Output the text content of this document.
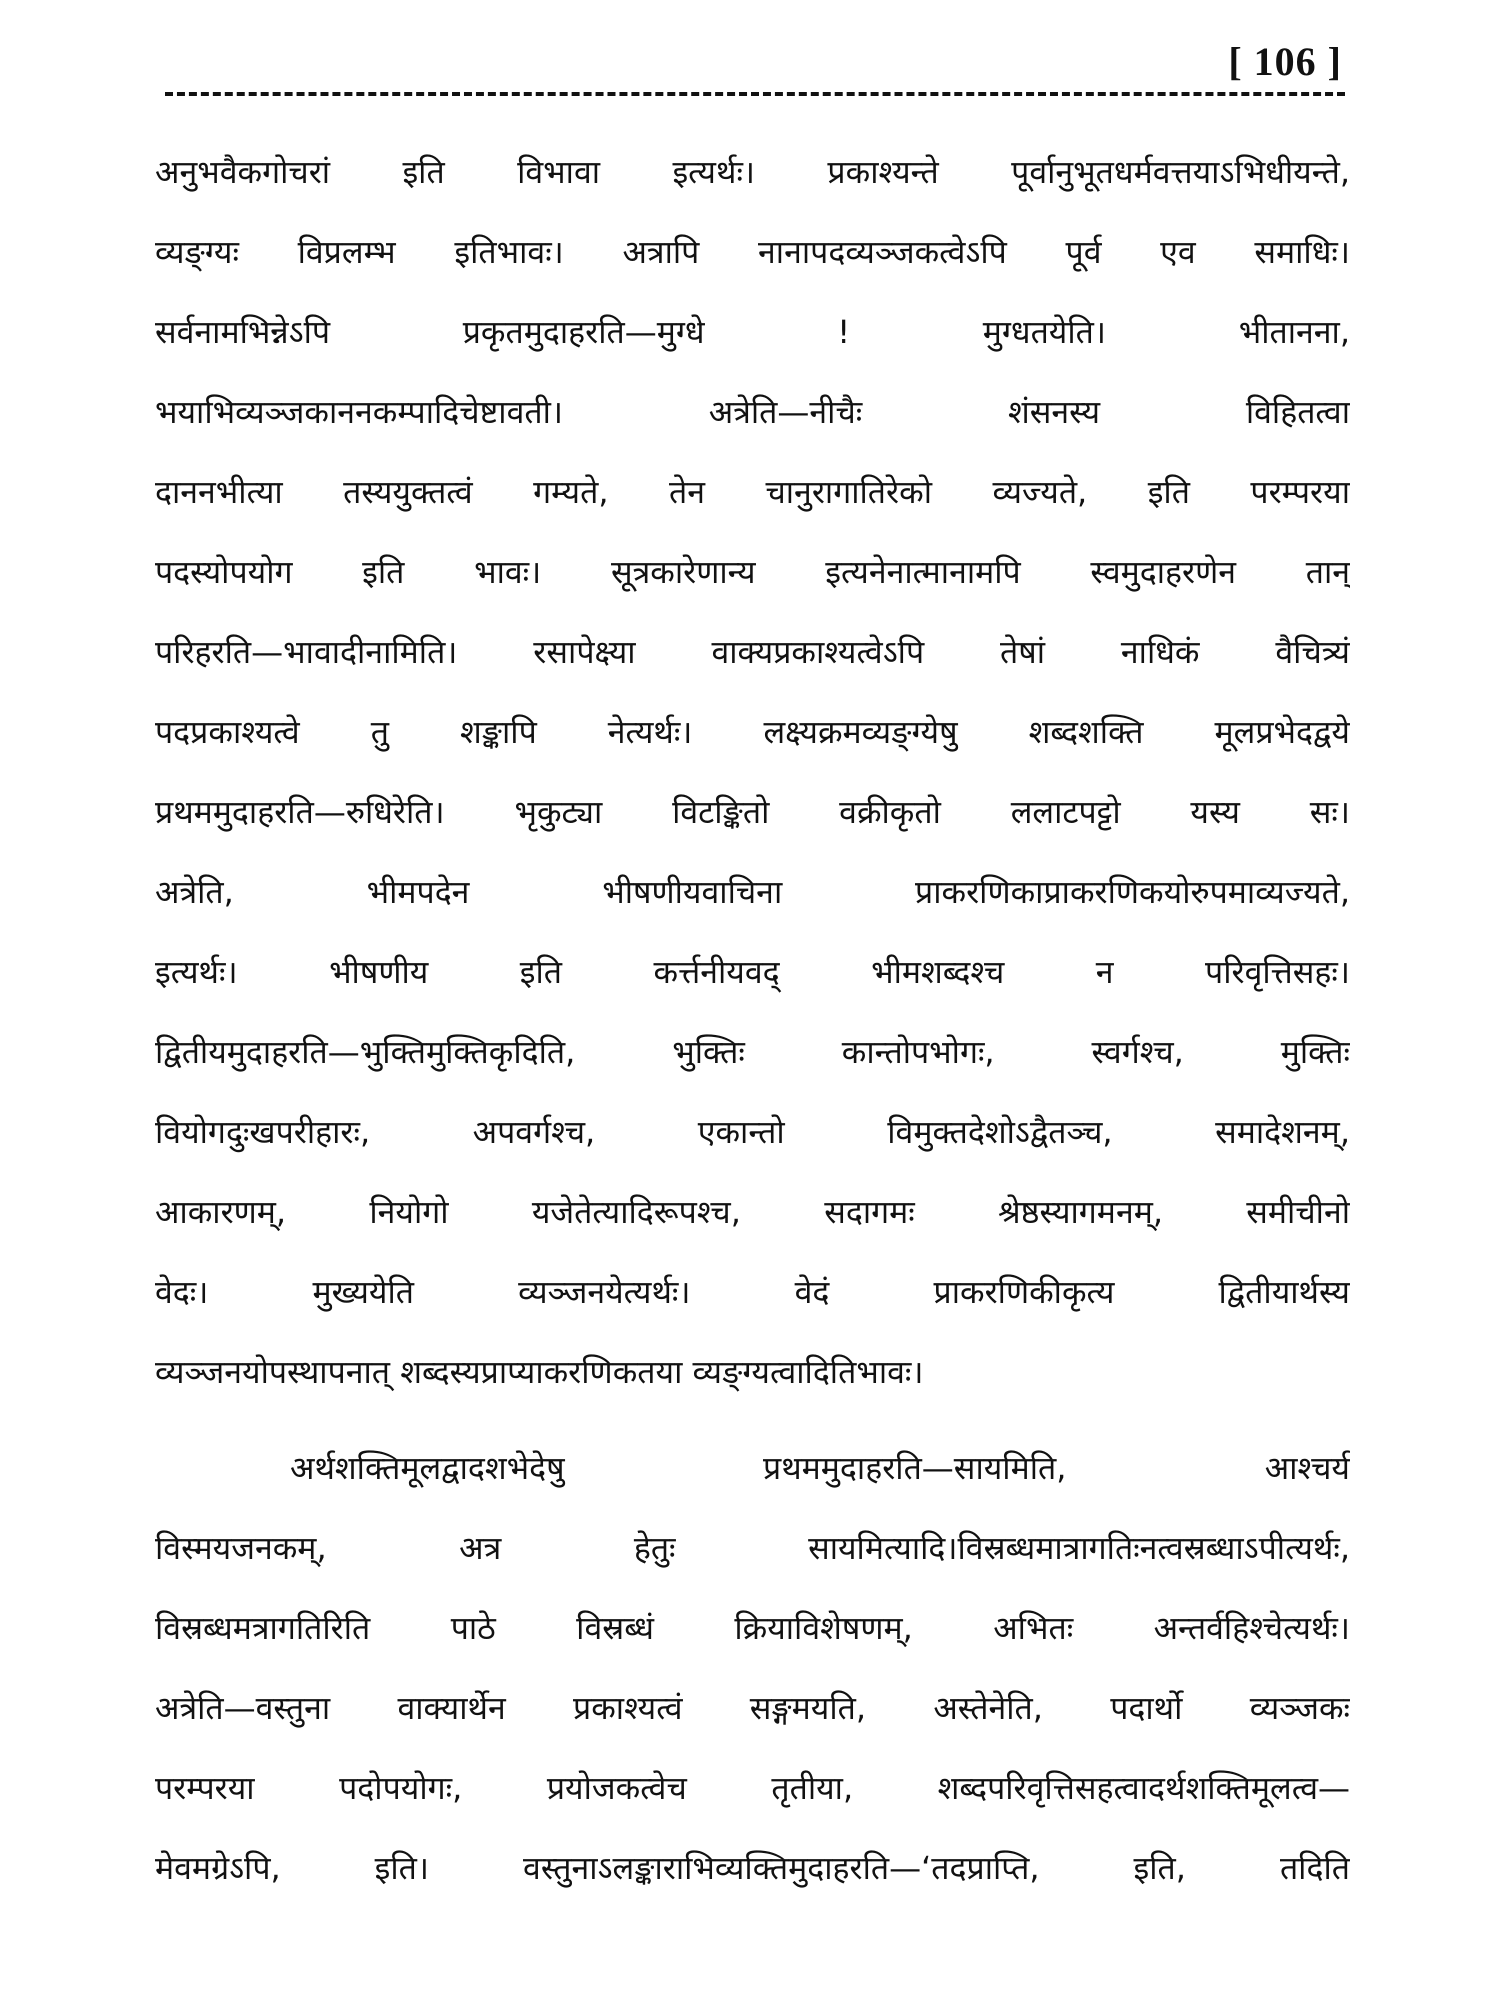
[ 106 ]
अनुभवैकगोचरां इति विभावा इत्यर्थः। प्रकाश्यन्ते पूर्वानुभूतधर्मवत्तयाऽभिधीयन्ते,
व्यङ्ग्यः विप्रलम्भ इतिभावः। अत्रापि नानापदव्यञ्जकत्वेऽपि पूर्व एव समाधिः।
सर्वनामभिन्नेऽपि प्रकृतमुदाहरति—मुग्धे ! मुग्धतयेति। भीतानना,
भयाभिव्यञ्जकाननकम्पादिचेष्टावती। अत्रेति—नीचैः शंसनस्य विहितत्वा
दाननभीत्या तस्ययुक्तत्वं गम्यते, तेन चानुरागातिरेको व्यज्यते, इति परम्परया
पदस्योपयोग इति भावः। सूत्रकारेणान्य इत्यनेनात्मानामपि स्वमुदाहरणेन तान्
परिहरति—भावादीनामिति। रसापेक्ष्या वाक्यप्रकाश्यत्वेऽपि तेषां नाधिकं वैचित्र्यं
पदप्रकाश्यत्वे तु शङ्कापि नेत्यर्थः। लक्ष्यक्रमव्यङ्ग्येषु शब्दशक्ति मूलप्रभेदद्वये
प्रथममुदाहरति—रुधिरेति। भृकुट्या विटङ्कितो वक्रीकृतो ललाटपट्टो यस्य सः।
अत्रेति, भीमपदेन भीषणीयवाचिना प्राकरणिकाप्राकरणिकयोरुपमाव्यज्यते,
इत्यर्थः। भीषणीय इति कर्त्तनीयवद् भीमशब्दश्च न परिवृत्तिसहः।
द्वितीयमुदाहरति—भुक्तिमुक्तिकृदिति, भुक्तिः कान्तोपभोगः, स्वर्गश्च, मुक्तिः
वियोगदुःखपरीहारः, अपवर्गश्च, एकान्तो विमुक्तदेशोऽद्वैतञ्च, समादेशनम्,
आकारणम्, नियोगो यजेतेत्यादिरूपश्च, सदागमः श्रेष्ठस्यागमनम्, समीचीनो
वेदः। मुख्ययेति व्यञ्जनयेत्यर्थः। वेदं प्राकरणिकीकृत्य द्वितीयार्थस्य
व्यञ्जनयोपस्थापनात् शब्दस्यप्राप्याकरणिकतया व्यङ्ग्यत्वादितिभावः।
अर्थशक्तिमूलद्वादशभेदेषु प्रथममुदाहरति—सायमिति, आश्चर्य
विस्मयजनकम्, अत्र हेतुः सायमित्यादि।विस्रब्धमात्रागतिःनत्वस्रब्धाऽपीत्यर्थः,
विस्रब्धमत्रागतिरिति पाठे विस्रब्धं क्रियाविशेषणम्, अभितः अन्तर्वहिश्चेत्यर्थः।
अत्रेति—वस्तुना वाक्यार्थेन प्रकाश्यत्वं सङ्गमयति, अस्तेनेति, पदार्थो व्यञ्जकः
परम्परया पदोपयोगः, प्रयोजकत्वेच तृतीया, शब्दपरिवृत्तिसहत्वादर्थशक्तिमूलत्व—
मेवमग्रेऽपि, इति। वस्तुनाऽलङ्काराभिव्यक्तिमुदाहरति—‘तदप्राप्ति, इति, तदिति
